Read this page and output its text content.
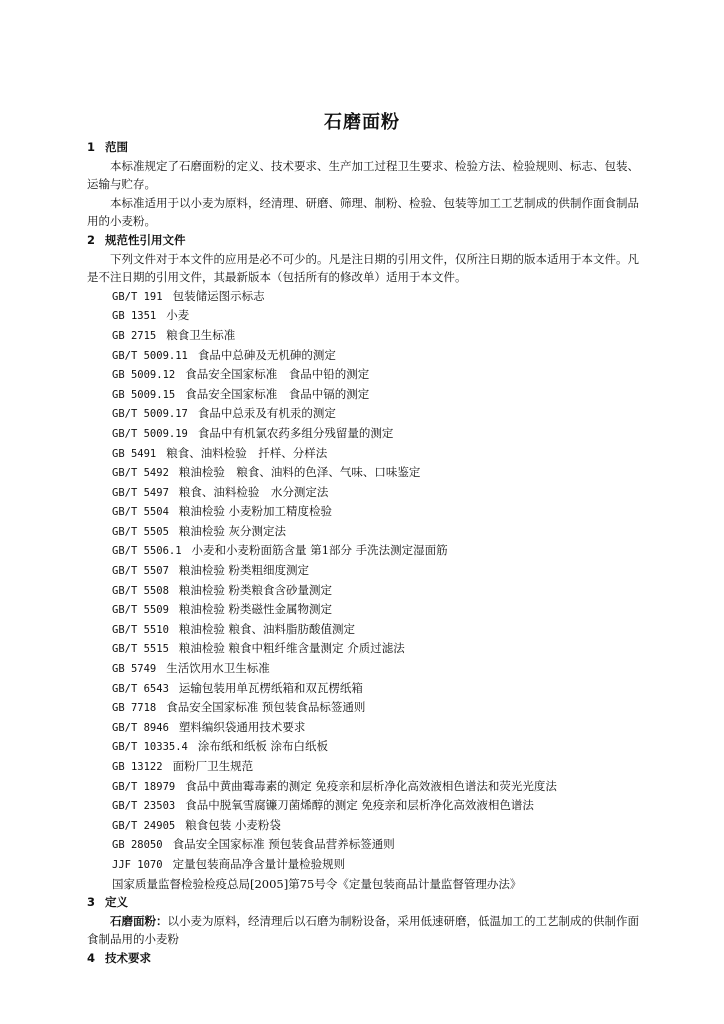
石磨面粉
1 范围
本标准规定了石磨面粉的定义、技术要求、生产加工过程卫生要求、检验方法、检验规则、标志、包装、运输与贮存。
本标准适用于以小麦为原料，经清理、研磨、筛理、制粉、检验、包装等加工工艺制成的供制作面食制品用的小麦粉。
2 规范性引用文件
下列文件对于本文件的应用是必不可少的。凡是注日期的引用文件，仅所注日期的版本适用于本文件。凡是不注日期的引用文件，其最新版本（包括所有的修改单）适用于本文件。
GB/T 191 包装储运图示标志
GB 1351 小麦
GB 2715 粮食卫生标准
GB/T 5009.11 食品中总砷及无机砷的测定
GB 5009.12 食品安全国家标准　食品中铅的测定
GB 5009.15 食品安全国家标准　食品中镉的测定
GB/T 5009.17 食品中总汞及有机汞的测定
GB/T 5009.19 食品中有机氯农药多组分残留量的测定
GB 5491 粮食、油料检验　扦样、分样法
GB/T 5492 粮油检验　粮食、油料的色泽、气味、口味鉴定
GB/T 5497 粮食、油料检验　水分测定法
GB/T 5504 粮油检验 小麦粉加工精度检验
GB/T 5505 粮油检验 灰分测定法
GB/T 5506.1 小麦和小麦粉面筋含量 第1部分 手洗法测定湿面筋
GB/T 5507 粮油检验 粉类粗细度测定
GB/T 5508 粮油检验 粉类粮食含砂量测定
GB/T 5509 粮油检验 粉类磁性金属物测定
GB/T 5510 粮油检验 粮食、油料脂肪酸值测定
GB/T 5515 粮油检验 粮食中粗纤维含量测定 介质过滤法
GB 5749 生活饮用水卫生标准
GB/T 6543 运输包装用单瓦楞纸箱和双瓦楞纸箱
GB 7718 食品安全国家标准 预包装食品标签通则
GB/T 8946 塑料编织袋通用技术要求
GB/T 10335.4 涂布纸和纸板 涂布白纸板
GB 13122 面粉厂卫生规范
GB/T 18979 食品中黄曲霉毒素的测定 免疫亲和层析净化高效液相色谱法和荧光光度法
GB/T 23503 食品中脱氧雪腐镰刀菌烯醇的测定 免疫亲和层析净化高效液相色谱法
GB/T 24905 粮食包装 小麦粉袋
GB 28050 食品安全国家标准 预包装食品营养标签通则
JJF 1070 定量包装商品净含量计量检验规则
国家质量监督检验检疫总局[2005]第75号令《定量包装商品计量监督管理办法》
3 定义
石磨面粉：以小麦为原料，经清理后以石磨为制粉设备，采用低速研磨，低温加工的工艺制成的供制作面食制品用的小麦粉
4 技术要求
